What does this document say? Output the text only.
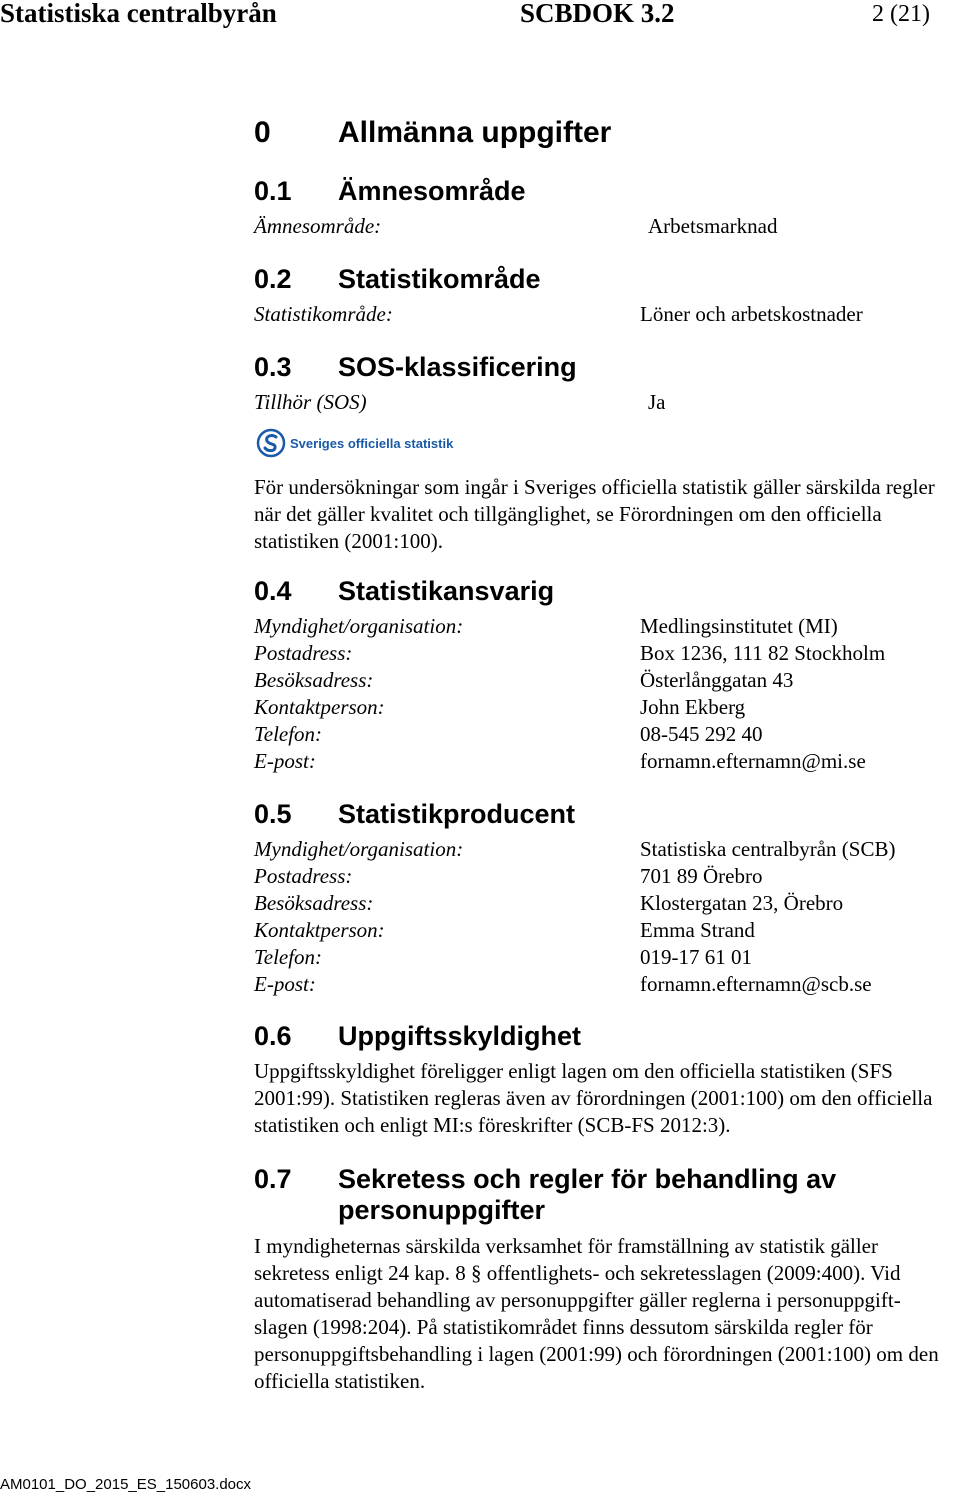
Statistiska centralbyrån	SCBDOK 3.2	2 (21)
0 Allmänna uppgifter
0.1 Ämnesområde
Ämnesområde:	Arbetsmarknad
0.2 Statistikområde
Statistikområde:	Löner och arbetskostnader
0.3 SOS-klassificering
Tillhör (SOS)	Ja
Sveriges officiella statistik
För undersökningar som ingår i Sveriges officiella statistik gäller särskilda regler när det gäller kvalitet och tillgänglighet, se Förordningen om den officiella statistiken (2001:100).
0.4 Statistikansvarig
Myndighet/organisation:	Medlingsinstitutet (MI)
Postadress:	Box 1236, 111 82 Stockholm
Besöksadress:	Österlånggatan 43
Kontaktperson:	John Ekberg
Telefon:	08-545 292 40
E-post:	fornamn.efternamn@mi.se
0.5 Statistikproducent
Myndighet/organisation:	Statistiska centralbyrån (SCB)
Postadress:	701 89 Örebro
Besöksadress:	Klostergatan 23, Örebro
Kontaktperson:	Emma Strand
Telefon:	019-17 61 01
E-post:	fornamn.efternamn@scb.se
0.6 Uppgiftsskyldighet
Uppgiftsskyldighet föreligger enligt lagen om den officiella statistiken (SFS 2001:99). Statistiken regleras även av förordningen (2001:100) om den officiella statistiken och enligt MI:s föreskrifter (SCB-FS 2012:3).
0.7 Sekretess och regler för behandling av
personuppgifter
I myndigheternas särskilda verksamhet för framställning av statistik gäller sekretess enligt 24 kap. 8 § offentlighets- och sekretesslagen (2009:400). Vid automatiserad behandling av personuppgifter gäller reglerna i personuppgift-slagen (1998:204). På statistikområdet finns dessutom särskilda regler för personuppgiftsbehandling i lagen (2001:99) och förordningen (2001:100) om den officiella statistiken.
AM0101_DO_2015_ES_150603.docx
